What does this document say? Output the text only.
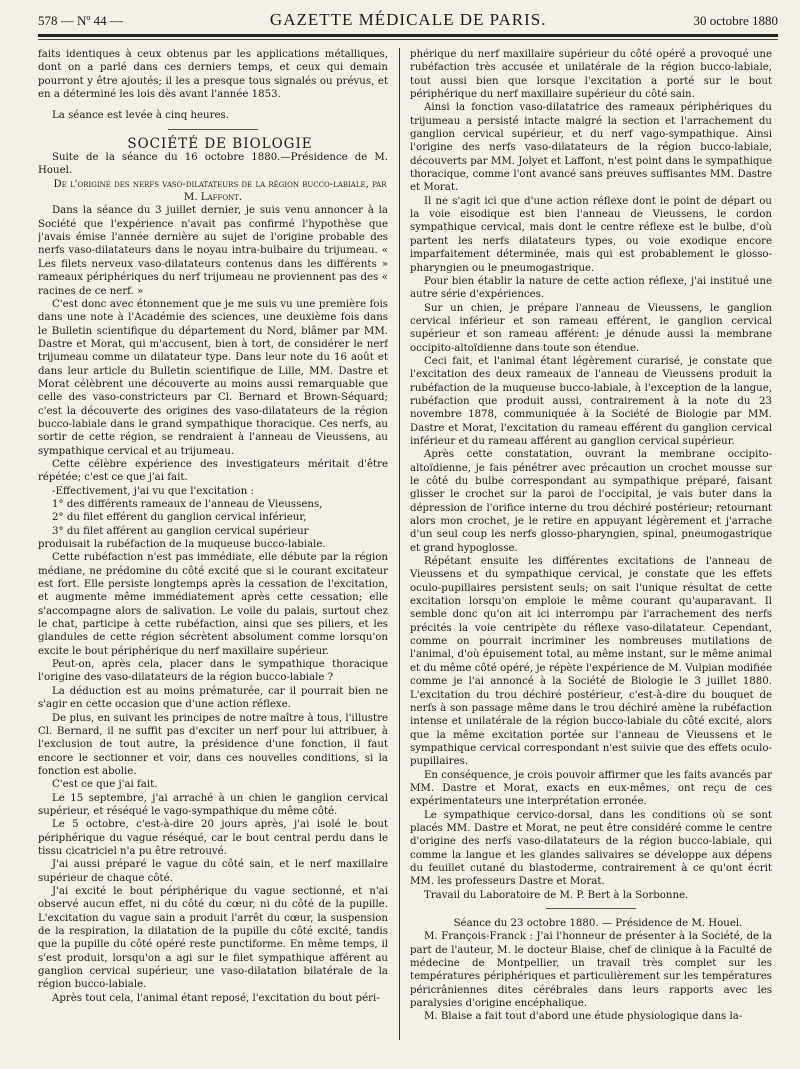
578 — Nº 44 —	GAZETTE MÉDICALE DE PARIS.	30 octobre 1880

faits identiques à ceux obtenus par les applications métalliques, dont on a parlé dans ces derniers temps, et ceux qui demain pourront y être ajoutés; il les a presque tous signalés ou prévus, et en a déterminé les lois dès avant l'année 1853.

La séance est levée à cinq heures.

SOCIÉTÉ DE BIOLOGIE

Suite de la séance du 16 octobre 1880.—Présidence de M. Houel.

De l'origine des nerfs vaso-dilatateurs de la région bucco-labiale, par M. Laffont.

Dans la séance du 3 juillet dernier, je suis venu annoncer à la Société que l'expérience n'avait pas confirmé l'hypothèse que j'avais émise l'année dernière au sujet de l'origine probable des nerfs vaso-dilatateurs dans le noyau intra-bulbaire du trijumeau. « Les filets nerveux vaso-dilatateurs contenus dans les différents » rameaux périphériques du nerf trijumeau ne proviennent pas des « racines de ce nerf. »

C'est donc avec étonnement que je me suis vu une première fois dans une note à l'Académie des sciences, une deuxième fois dans le Bulletin scientifique du département du Nord, blâmer par MM. Dastre et Morat, qui m'accusent, bien à tort, de considérer le nerf trijumeau comme un dilatateur type. Dans leur note du 16 août et dans leur article du Bulletin scientifique de Lille, MM. Dastre et Morat célèbrent une découverte au moins aussi remarquable que celle des vaso-constricteurs par Cl. Bernard et Brown-Séquard; c'est la découverte des origines des vaso-dilatateurs de la région bucco-labiale dans le grand sympathique thoracique. Ces nerfs, au sortir de cette région, se rendraient à l'anneau de Vieussens, au sympathique cervical et au trijumeau.

Cette célèbre expérience des investigateurs méritait d'être répétée; c'est ce que j'ai fait.

-Effectivement, j'ai vu que l'excitation :

1° des différents rameaux de l'anneau de Vieussens,

2° du filet efférent du ganglion cervical inférieur,

3° du filet afférent au ganglion cervical supérieur

produisait la rubéfaction de la muqueuse bucco-labiale.

Cette rubéfaction n'est pas immédiate, elle débute par la région médiane, ne prédomine du côté excité que si le courant excitateur est fort. Elle persiste longtemps après la cessation de l'excitation, et augmente même immédiatement après cette cessation; elle s'accompagne alors de salivation. Le voile du palais, surtout chez le chat, participe à cette rubéfaction, ainsi que ses piliers, et les glandules de cette région sécrètent absolument comme lorsqu'on excite le bout périphérique du nerf maxillaire supérieur.

Peut-on, après cela, placer dans le sympathique thoracique l'origine des vaso-dilatateurs de la région bucco-labiale ?

La déduction est au moins prématurée, car il pourrait bien ne s'agir en cette occasion que d'une action réflexe.

De plus, en suivant les principes de notre maître à tous, l'illustre Cl. Bernard, il ne suffit pas d'exciter un nerf pour lui attribuer, à l'exclusion de tout autre, la présidence d'une fonction, il faut encore le sectionner et voir, dans ces nouvelles conditions, si la fonction est abolie.

C'est ce que j'ai fait.

Le 15 septembre, j'ai arraché à un chien le ganglion cervical supérieur, et réséqué le vago-sympathique du même côté.

Le 5 octobre, c'est-à-dire 20 jours après, j'ai isolé le bout périphérique du vague réséqué, car le bout central perdu dans le tissu cicatriciel n'a pu être retrouvé.

J'ai aussi préparé le vague du côté sain, et le nerf maxillaire supérieur de chaque côté.

J'ai excité le bout périphérique du vague sectionné, et n'ai observé aucun effet, ni du côté du cœur, ni du côté de la pupille. L'excitation du vague sain a produit l'arrêt du cœur, la suspension de la respiration, la dilatation de la pupille du côté excité, tandis que la pupille du côté opéré reste punctiforme. En même temps, il s'est produit, lorsqu'on a agi sur le filet sympathique afférent au ganglion cervical supérieur, une vaso-dilatation bilatérale de la région bucco-labiale.

Après tout cela, l'animal étant reposé, l'excitation du bout péri-

phérique du nerf maxillaire supérieur du côté opéré a provoqué une rubéfaction très accusée et unilatérale de la région bucco-labiale, tout aussi bien que lorsque l'excitation a porté sur le bout périphérique du nerf maxillaire supérieur du côté sain.

Ainsi la fonction vaso-dilatatrice des rameaux périphériques du trijumeau a persisté intacte malgré la section et l'arrachement du ganglion cervical supérieur, et du nerf vago-sympathique. Ainsi l'origine des nerfs vaso-dilatateurs de la région bucco-labiale, découverts par MM. Jolyet et Laffont, n'est point dans le sympathique thoracique, comme l'ont avancé sans preuves suffisantes MM. Dastre et Morat.

Il ne s'agit ici que d'une action réflexe dont le point de départ ou la voie eisodique est bien l'anneau de Vieussens, le cordon sympathique cervical, mais dont le centre réflexe est le bulbe, d'où partent les nerfs dilatateurs types, ou voie exodique encore imparfaitement déterminée, mais qui est probablement le glosso-pharyngien ou le pneumogastrique.

Pour bien établir la nature de cette action réflexe, j'ai institué une autre série d'expériences.

Sur un chien, je prépare l'anneau de Vieussens, le ganglion cervical inférieur et son rameau efférent, le ganglion cervical supérieur et son rameau afférent: je dénude aussi la membrane occipito-altoïdienne dans toute son étendue.

Ceci fait, et l'animal étant légèrement curarisé, je constate que l'excitation des deux rameaux de l'anneau de Vieussens produit la rubéfaction de la muqueuse bucco-labiale, à l'exception de la langue, rubéfaction que produit aussi, contrairement à la note du 23 novembre 1878, communiquée à la Société de Biologie par MM. Dastre et Morat, l'excitation du rameau efférent du ganglion cervical inférieur et du rameau afférent au ganglion cervical supérieur.

Après cette constatation, ouvrant la membrane occipito-altoïdienne, je fais pénétrer avec précaution un crochet mousse sur le côté du bulbe correspondant au sympathique préparé, faisant glisser le crochet sur la paroi de l'occipital, je vais buter dans la dépression de l'orifice interne du trou déchiré postérieur; retournant alors mon crochet, je le retire en appuyant légèrement et j'arrache d'un seul coup les nerfs glosso-pharyngien, spinal, pneumogastrique et grand hypoglosse.

Répétant ensuite les différentes excitations de l'anneau de Vieussens et du sympathique cervical, je constate que les effets oculo-pupillaires persistent seuls; on sait l'unique résultat de cette excitation lorsqu'on emploie le même courant qu'auparavant. Il semble donc qu'on ait ici interrompu par l'arrachement des nerfs précités la voie centripète du réflexe vaso-dilatateur. Cependant, comme on pourrait incriminer les nombreuses mutilations de l'animal, d'où épuisement total, au même instant, sur le même animal et du même côté opéré, je répète l'expérience de M. Vulpian modifiée comme je l'ai annoncé à la Société de Biologie le 3 juillet 1880. L'excitation du trou déchiré postérieur, c'est-à-dire du bouquet de nerfs à son passage même dans le trou déchiré amène la rubéfaction intense et unilatérale de la région bucco-labiale du côté excité, alors que la même excitation portée sur l'anneau de Vieussens et le sympathique cervical correspondant n'est suivie que des effets oculo-pupillaires.

En conséquence, je crois pouvoir affirmer que les faits avancés par MM. Dastre et Morat, exacts en eux-mêmes, ont reçu de ces expérimentateurs une interprétation erronée.

Le sympathique cervico-dorsal, dans les conditions où se sont placés MM. Dastre et Morat, ne peut être considéré comme le centre d'origine des nerfs vaso-dilatateurs de la région bucco-labiale, qui comme la langue et les glandes salivaires se développe aux dépens du feuillet cutané du blastoderme, contrairement à ce qu'ont écrit MM. les professeurs Dastre et Morat.

Travail du Laboratoire de M. P. Bert à la Sorbonne.

Séance du 23 octobre 1880. — Présidence de M. Houel.

M. François-Franck : J'ai l'honneur de présenter à la Société, de la part de l'auteur, M. le docteur Blaise, chef de clinique à la Faculté de médecine de Montpellier, un travail très complet sur les températures périphériques et particulièrement sur les températures péricrâniennes dites cérébrales dans leurs rapports avec les paralysies d'origine encéphalique.

M. Blaise a fait tout d'abord une étude physiologique dans la-
